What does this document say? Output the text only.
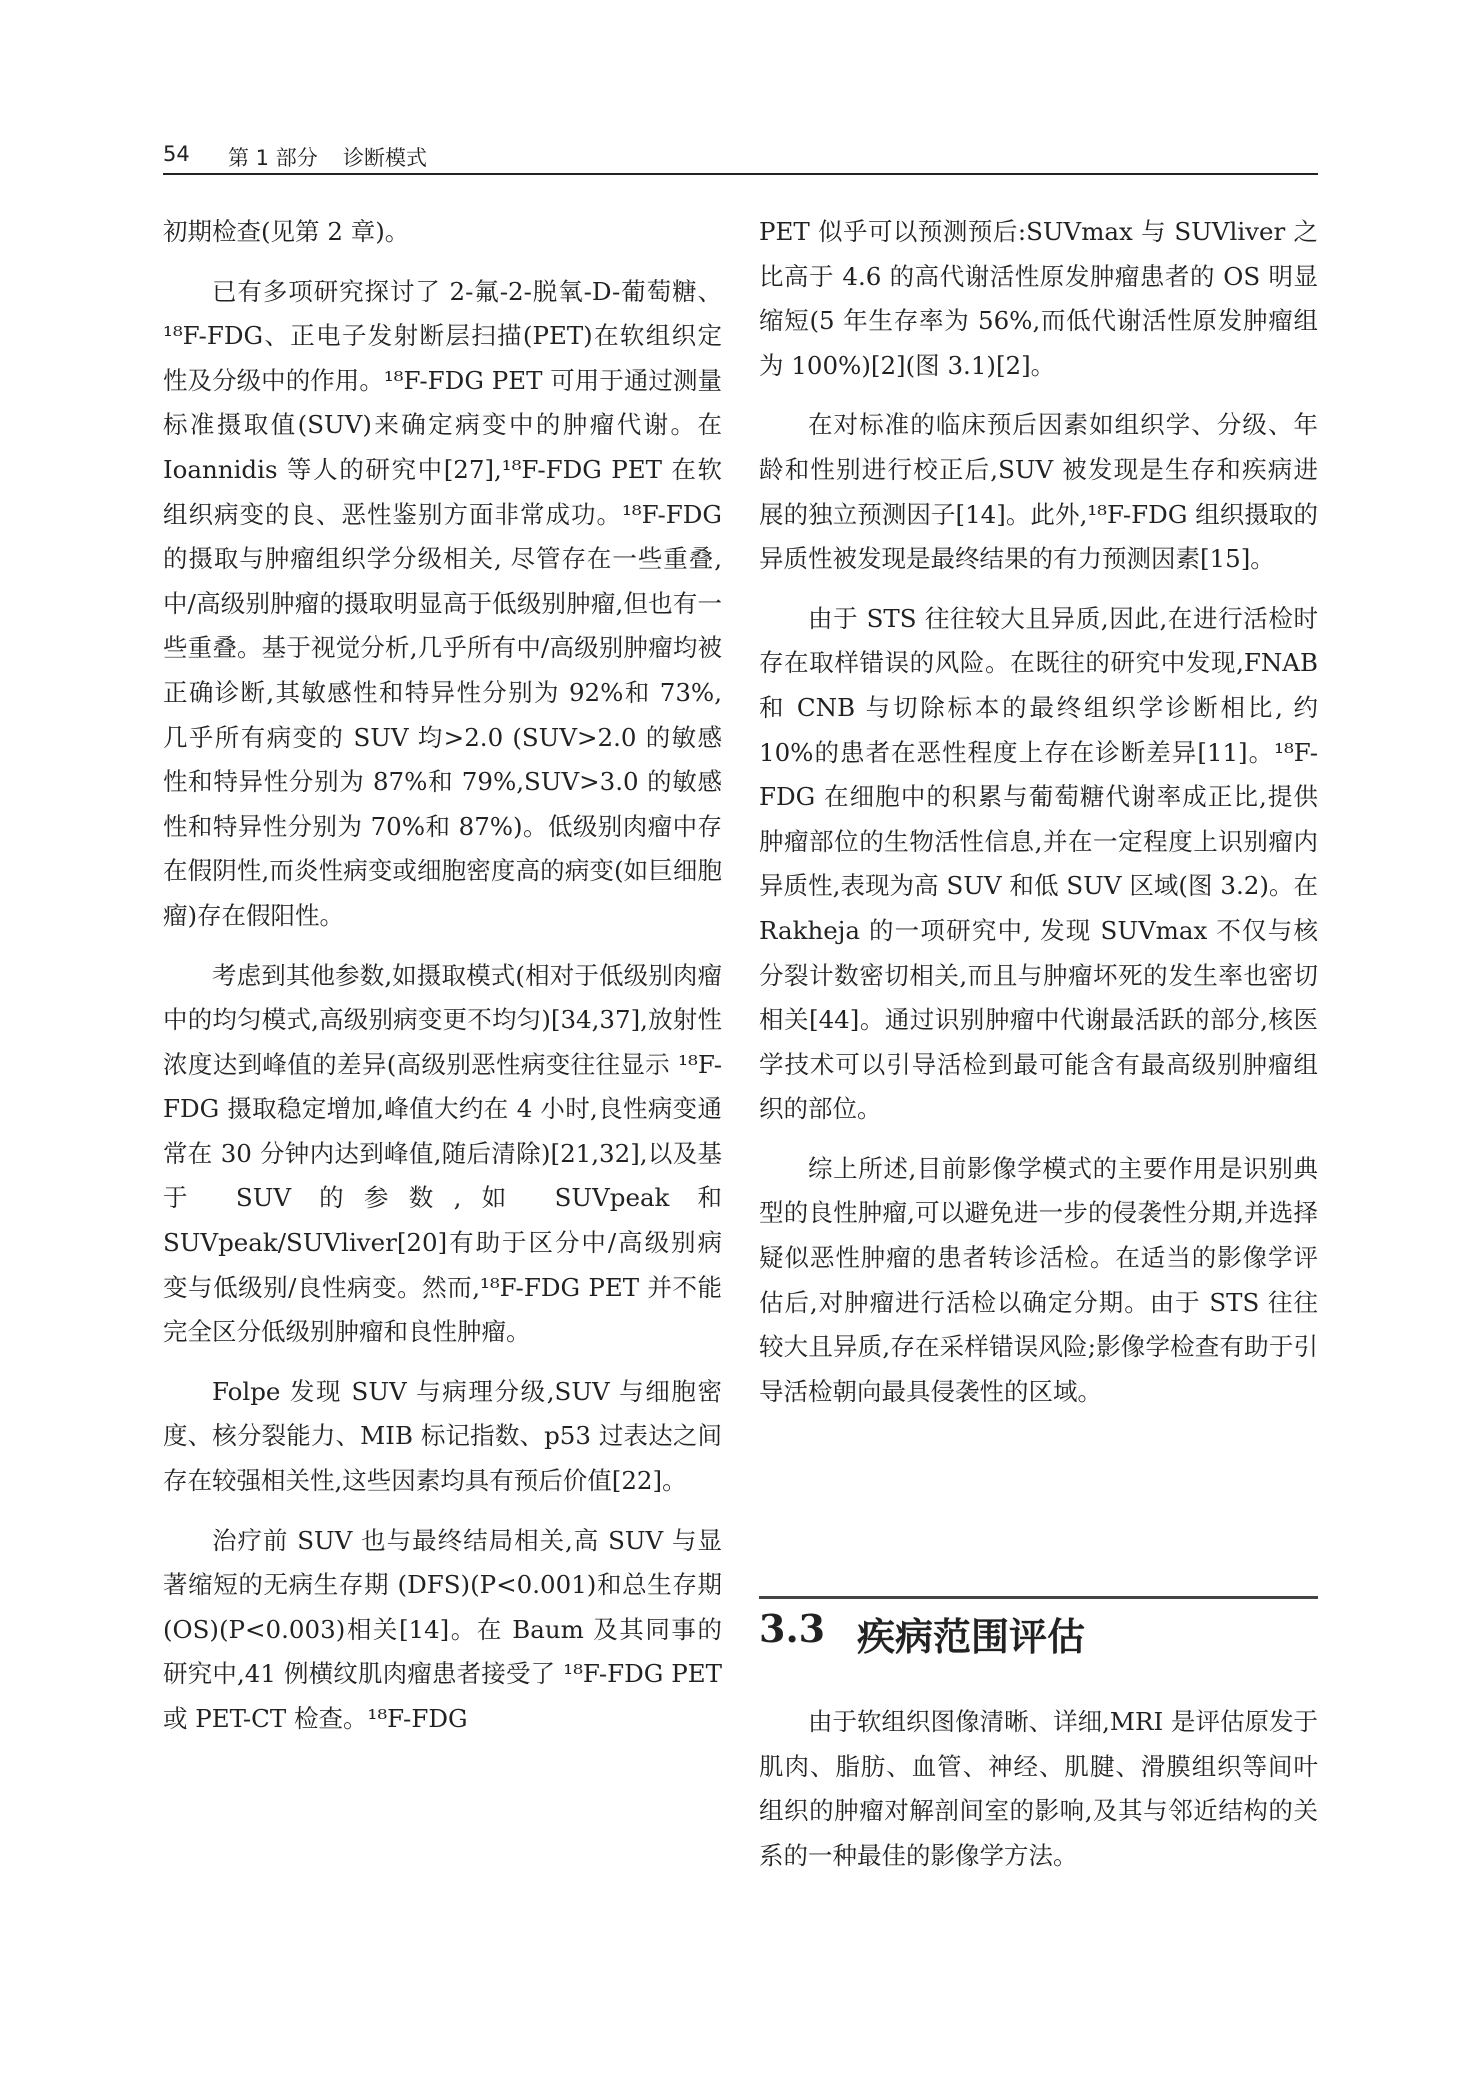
54 第 1 部分 诊断模式

初期检查(见第 2 章)。

已有多项研究探讨了 2-氟-2-脱氧-D-葡萄糖、¹⁸F-FDG、正电子发射断层扫描(PET)在软组织定性及分级中的作用。¹⁸F-FDG PET 可用于通过测量标准摄取值(SUV)来确定病变中的肿瘤代谢。在 Ioannidis 等人的研究中[27],¹⁸F-FDG PET 在软组织病变的良、恶性鉴别方面非常成功。¹⁸F-FDG 的摄取与肿瘤组织学分级相关, 尽管存在一些重叠,中/高级别肿瘤的摄取明显高于低级别肿瘤,但也有一些重叠。基于视觉分析,几乎所有中/高级别肿瘤均被正确诊断,其敏感性和特异性分别为 92%和 73%, 几乎所有病变的 SUV 均>2.0 (SUV>2.0 的敏感性和特异性分别为 87%和 79%,SUV>3.0 的敏感性和特异性分别为 70%和 87%)。低级别肉瘤中存在假阴性,而炎性病变或细胞密度高的病变(如巨细胞瘤)存在假阳性。

考虑到其他参数,如摄取模式(相对于低级别肉瘤中的均匀模式,高级别病变更不均匀)[34,37],放射性浓度达到峰值的差异(高级别恶性病变往往显示 ¹⁸F-FDG 摄取稳定增加,峰值大约在 4 小时,良性病变通常在 30 分钟内达到峰值,随后清除)[21,32],以及基于 SUV 的参数,如 SUVpeak 和 SUVpeak/SUVliver[20]有助于区分中/高级别病变与低级别/良性病变。然而,¹⁸F-FDG PET 并不能完全区分低级别肿瘤和良性肿瘤。

Folpe 发现 SUV 与病理分级,SUV 与细胞密度、核分裂能力、MIB 标记指数、p53 过表达之间存在较强相关性,这些因素均具有预后价值[22]。

治疗前 SUV 也与最终结局相关,高 SUV 与显著缩短的无病生存期 (DFS)(P<0.001)和总生存期(OS)(P<0.003)相关[14]。在 Baum 及其同事的研究中,41 例横纹肌肉瘤患者接受了 ¹⁸F-FDG PET 或 PET-CT 检查。¹⁸F-FDG

PET 似乎可以预测预后:SUVmax 与 SUVliver 之比高于 4.6 的高代谢活性原发肿瘤患者的 OS 明显缩短(5 年生存率为 56%,而低代谢活性原发肿瘤组为 100%)[2](图 3.1)[2]。

在对标准的临床预后因素如组织学、分级、年龄和性别进行校正后,SUV 被发现是生存和疾病进展的独立预测因子[14]。此外,¹⁸F-FDG 组织摄取的异质性被发现是最终结果的有力预测因素[15]。

由于 STS 往往较大且异质,因此,在进行活检时存在取样错误的风险。在既往的研究中发现,FNAB 和 CNB 与切除标本的最终组织学诊断相比, 约 10%的患者在恶性程度上存在诊断差异[11]。¹⁸F-FDG 在细胞中的积累与葡萄糖代谢率成正比,提供肿瘤部位的生物活性信息,并在一定程度上识别瘤内异质性,表现为高 SUV 和低 SUV 区域(图 3.2)。在 Rakheja 的一项研究中, 发现 SUVmax 不仅与核分裂计数密切相关,而且与肿瘤坏死的发生率也密切相关[44]。通过识别肿瘤中代谢最活跃的部分,核医学技术可以引导活检到最可能含有最高级别肿瘤组织的部位。

综上所述,目前影像学模式的主要作用是识别典型的良性肿瘤,可以避免进一步的侵袭性分期,并选择疑似恶性肿瘤的患者转诊活检。在适当的影像学评估后,对肿瘤进行活检以确定分期。由于 STS 往往较大且异质,存在采样错误风险;影像学检查有助于引导活检朝向最具侵袭性的区域。

3.3 疾病范围评估

由于软组织图像清晰、详细,MRI 是评估原发于肌肉、脂肪、血管、神经、肌腱、滑膜组织等间叶组织的肿瘤对解剖间室的影响,及其与邻近结构的关系的一种最佳的影像学方法。
